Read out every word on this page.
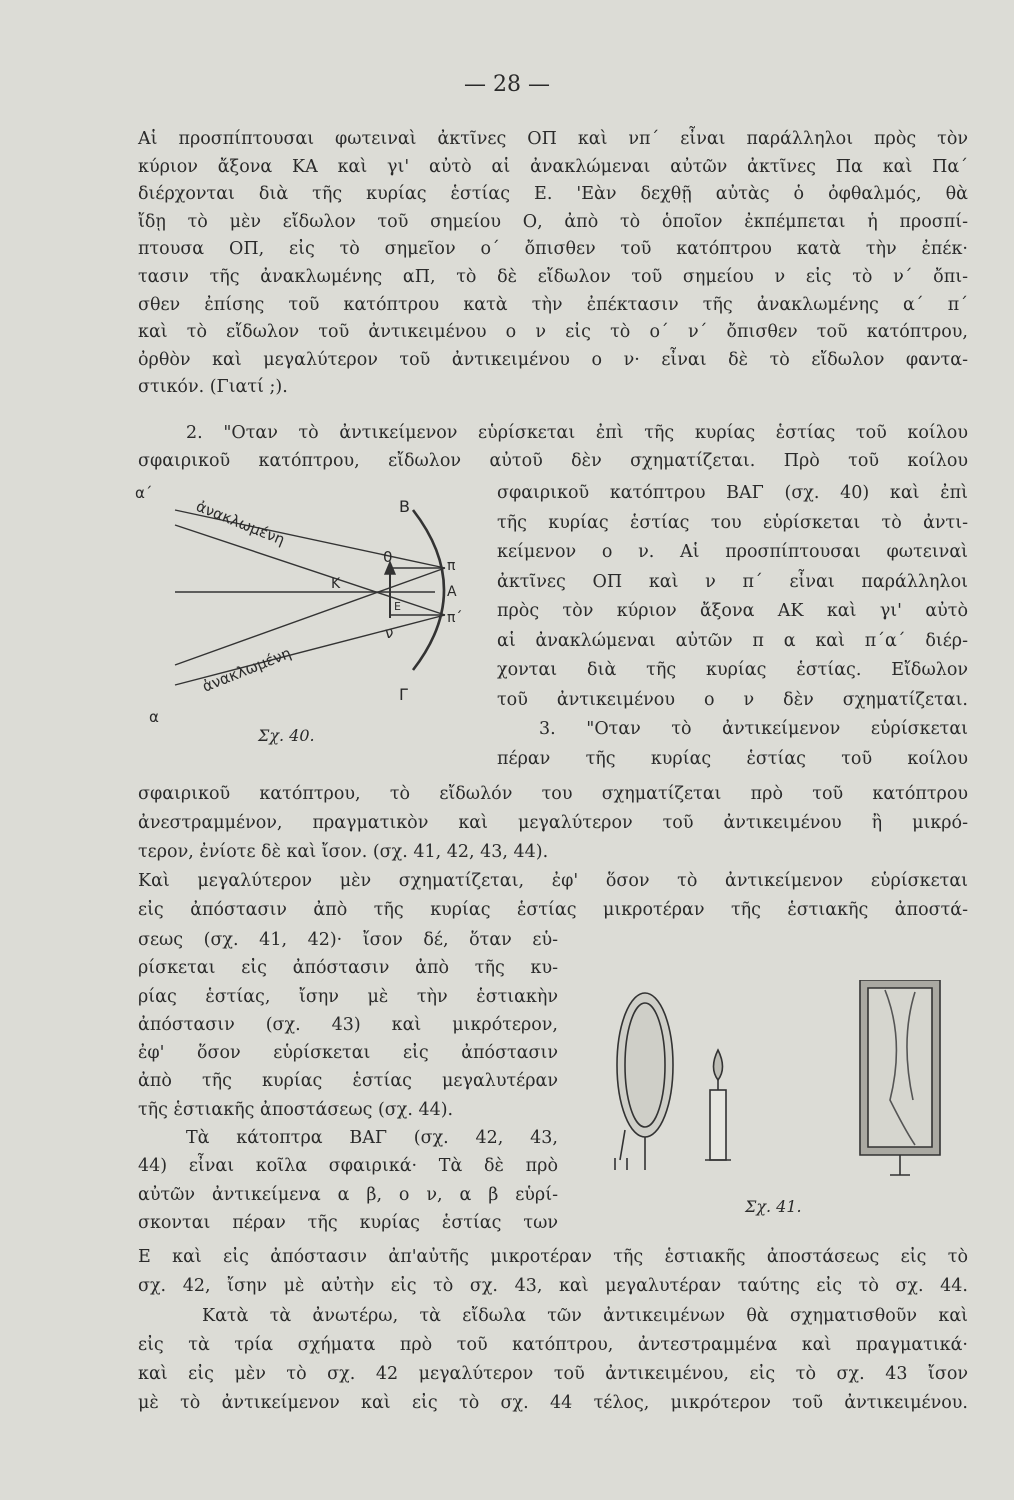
— 28 —
Αἱ προσπίπτουσαι φωτειναὶ ἀκτῖνες ΟΠ καὶ νπ΄ εἶναι παράλληλοι πρὸς τὸν
κύριον ἄξονα ΚΑ καὶ γι' αὐτὸ αἱ ἀνακλώμεναι αὐτῶν ἀκτῖνες Πα καὶ Πα΄
διέρχονται διὰ τῆς κυρίας ἑστίας Ε. 'Εὰν δεχθῇ αὐτὰς ὁ ὀφθαλμός, θὰ
ἴδῃ τὸ μὲν εἴδωλον τοῦ σημείου Ο, ἀπὸ τὸ ὁποῖον ἐκπέμπεται ἡ προσπί-
πτουσα ΟΠ, εἰς τὸ σημεῖον ο΄ ὄπισθεν τοῦ κατόπτρου κατὰ τὴν ἐπέκ·
τασιν τῆς ἀνακλωμένης αΠ, τὸ δὲ εἴδωλον τοῦ σημείου ν εἰς τὸ ν΄ ὄπι-
σθεν ἐπίσης τοῦ κατόπτρου κατὰ τὴν ἐπέκτασιν τῆς ἀνακλωμένης α΄ π΄
καὶ τὸ εἴδωλον τοῦ ἀντικειμένου ο ν εἰς τὸ ο΄ ν΄ ὄπισθεν τοῦ κατόπτρου,
ὀρθὸν καὶ μεγαλύτερον τοῦ ἀντικειμένου ο ν· εἶναι δὲ τὸ εἴδωλον φαντα-
στικόν. (Γιατί ;).
2. "Οταν τὸ ἀντικείμενον εὑρίσκεται ἐπὶ τῆς κυρίας ἑστίας τοῦ κοίλου
σφαιρικοῦ κατόπτρου, εἴδωλον αὐτοῦ δὲν σχηματίζεται. Πρὸ τοῦ κοίλου
σφαιρικοῦ κατόπτρου ΒΑΓ (σχ. 40) καὶ ἐπὶ
τῆς κυρίας ἑστίας του εὑρίσκεται τὸ ἀντι-
κείμενον ο ν. Αἱ προσπίπτουσαι φωτειναὶ
ἀκτῖνες ΟΠ καὶ ν π΄ εἶναι παράλληλοι
πρὸς τὸν κύριον ἄξονα ΑΚ καὶ γι' αὐτὸ
αἱ ἀνακλώμεναι αὐτῶν π α καὶ π΄α΄ διέρ-
χονται διὰ τῆς κυρίας ἑστίας. Εἴδωλον
τοῦ ἀντικειμένου ο ν δὲν σχηματίζεται.
3. "Οταν τὸ ἀντικείμενον εὑρίσκεται
πέραν τῆς κυρίας ἑστίας τοῦ κοίλου
α΄
α
Β
0
Κ
Ε
ν
π
Α
π΄
Γ
ἀνακλωμένη
ἀνακλωμένη
Σχ. 40.
σφαιρικοῦ κατόπτρου, τὸ εἴδωλόν του σχηματίζεται πρὸ τοῦ κατόπτρου
ἀνεστραμμένον, πραγματικὸν καὶ μεγαλύτερον τοῦ ἀντικειμένου ἢ μικρό-
τερον, ἐνίοτε δὲ καὶ ἴσον. (σχ. 41, 42, 43, 44).
Καὶ μεγαλύτερον μὲν σχηματίζεται, ἐφ' ὅσον τὸ ἀντικείμενον εὑρίσκεται
εἰς ἀπόστασιν ἀπὸ τῆς κυρίας ἑστίας μικροτέραν τῆς ἑστιακῆς ἀποστά-
σεως (σχ. 41, 42)· ἴσον δέ, ὅταν εὑ-
ρίσκεται εἰς ἀπόστασιν ἀπὸ τῆς κυ-
ρίας ἑστίας, ἴσην μὲ τὴν ἑστιακὴν
ἀπόστασιν (σχ. 43) καὶ μικρότερον,
ἐφ' ὅσον εὑρίσκεται εἰς ἀπόστασιν
ἀπὸ τῆς κυρίας ἑστίας μεγαλυτέραν
τῆς ἑστιακῆς ἀποστάσεως (σχ. 44).
Τὰ κάτοπτρα ΒΑΓ (σχ. 42, 43,
44) εἶναι κοῖλα σφαιρικά· Τὰ δὲ πρὸ
αὐτῶν ἀντικείμενα α β, ο ν, α β εὑρί-
σκονται πέραν τῆς κυρίας ἑστίας των
Σχ. 41.
Ε καὶ εἰς ἀπόστασιν ἀπ'αὐτῆς μικροτέραν τῆς ἑστιακῆς ἀποστάσεως εἰς τὸ
σχ. 42, ἴσην μὲ αὐτὴν εἰς τὸ σχ. 43, καὶ μεγαλυτέραν ταύτης εἰς τὸ σχ. 44.
Κατὰ τὰ ἀνωτέρω, τὰ εἴδωλα τῶν ἀντικειμένων θὰ σχηματισθοῦν καὶ
εἰς τὰ τρία σχήματα πρὸ τοῦ κατόπτρου, ἀντεστραμμένα καὶ πραγματικά·
καὶ εἰς μὲν τὸ σχ. 42 μεγαλύτερον τοῦ ἀντικειμένου, εἰς τὸ σχ. 43 ἴσον
μὲ τὸ ἀντικείμενον καὶ εἰς τὸ σχ. 44 τέλος, μικρότερον τοῦ ἀντικειμένου.
